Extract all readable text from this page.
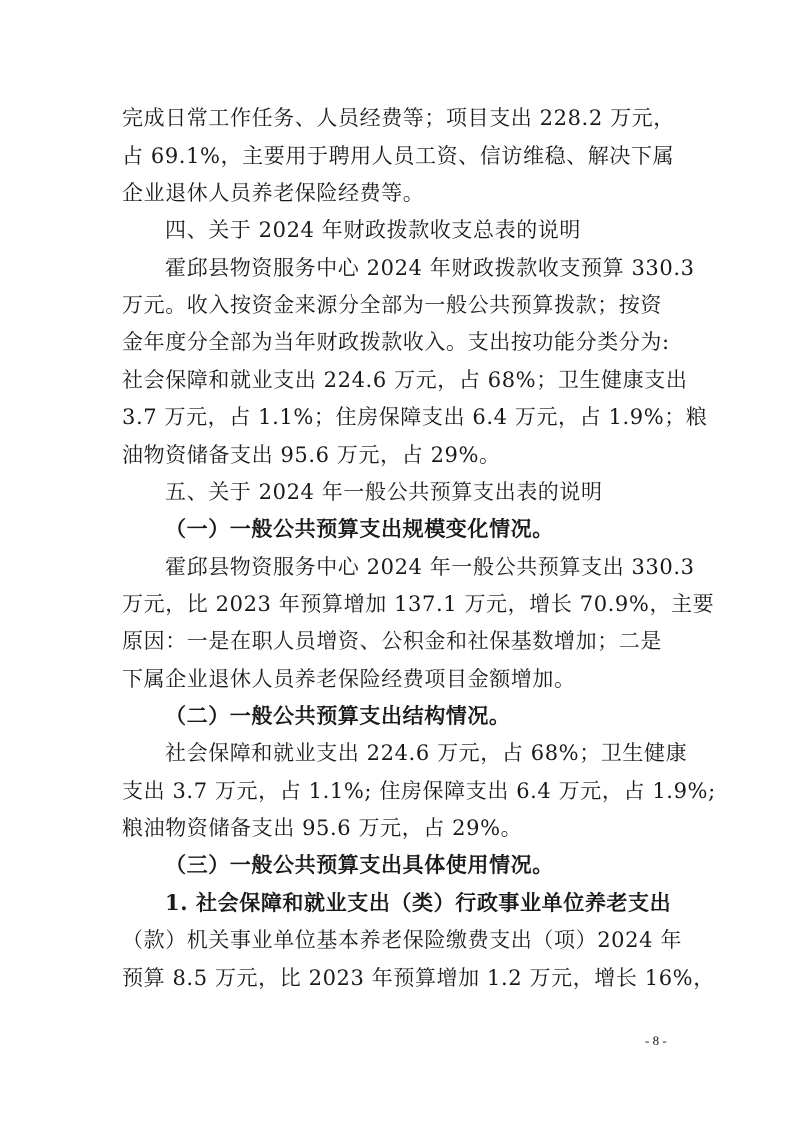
完成日常工作任务、人员经费等；项目支出 228.2 万元，
占 69.1%，主要用于聘用人员工资、信访维稳、解决下属
企业退休人员养老保险经费等。
四、关于 2024 年财政拨款收支总表的说明
霍邱县物资服务中心 2024 年财政拨款收支预算 330.3
万元。收入按资金来源分全部为一般公共预算拨款；按资
金年度分全部为当年财政拨款收入。支出按功能分类分为:
社会保障和就业支出 224.6 万元，占 68%；卫生健康支出
3.7 万元，占 1.1%；住房保障支出 6.4 万元，占 1.9%；粮
油物资储备支出 95.6 万元，占 29%。
五、关于 2024 年一般公共预算支出表的说明
（一）一般公共预算支出规模变化情况。
霍邱县物资服务中心 2024 年一般公共预算支出 330.3
万元，比 2023 年预算增加 137.1 万元，增长 70.9%，主要
原因：一是在职人员增资、公积金和社保基数增加；二是
下属企业退休人员养老保险经费项目金额增加。
（二）一般公共预算支出结构情况。
社会保障和就业支出 224.6 万元，占 68%；卫生健康
支出 3.7 万元，占 1.1%; 住房保障支出 6.4 万元，占 1.9%;
粮油物资储备支出 95.6 万元，占 29%。
（三）一般公共预算支出具体使用情况。
1. 社会保障和就业支出（类）行政事业单位养老支出
（款）机关事业单位基本养老保险缴费支出（项）2024 年
预算 8.5 万元，比 2023 年预算增加 1.2 万元，增长 16%，
- 8 -
